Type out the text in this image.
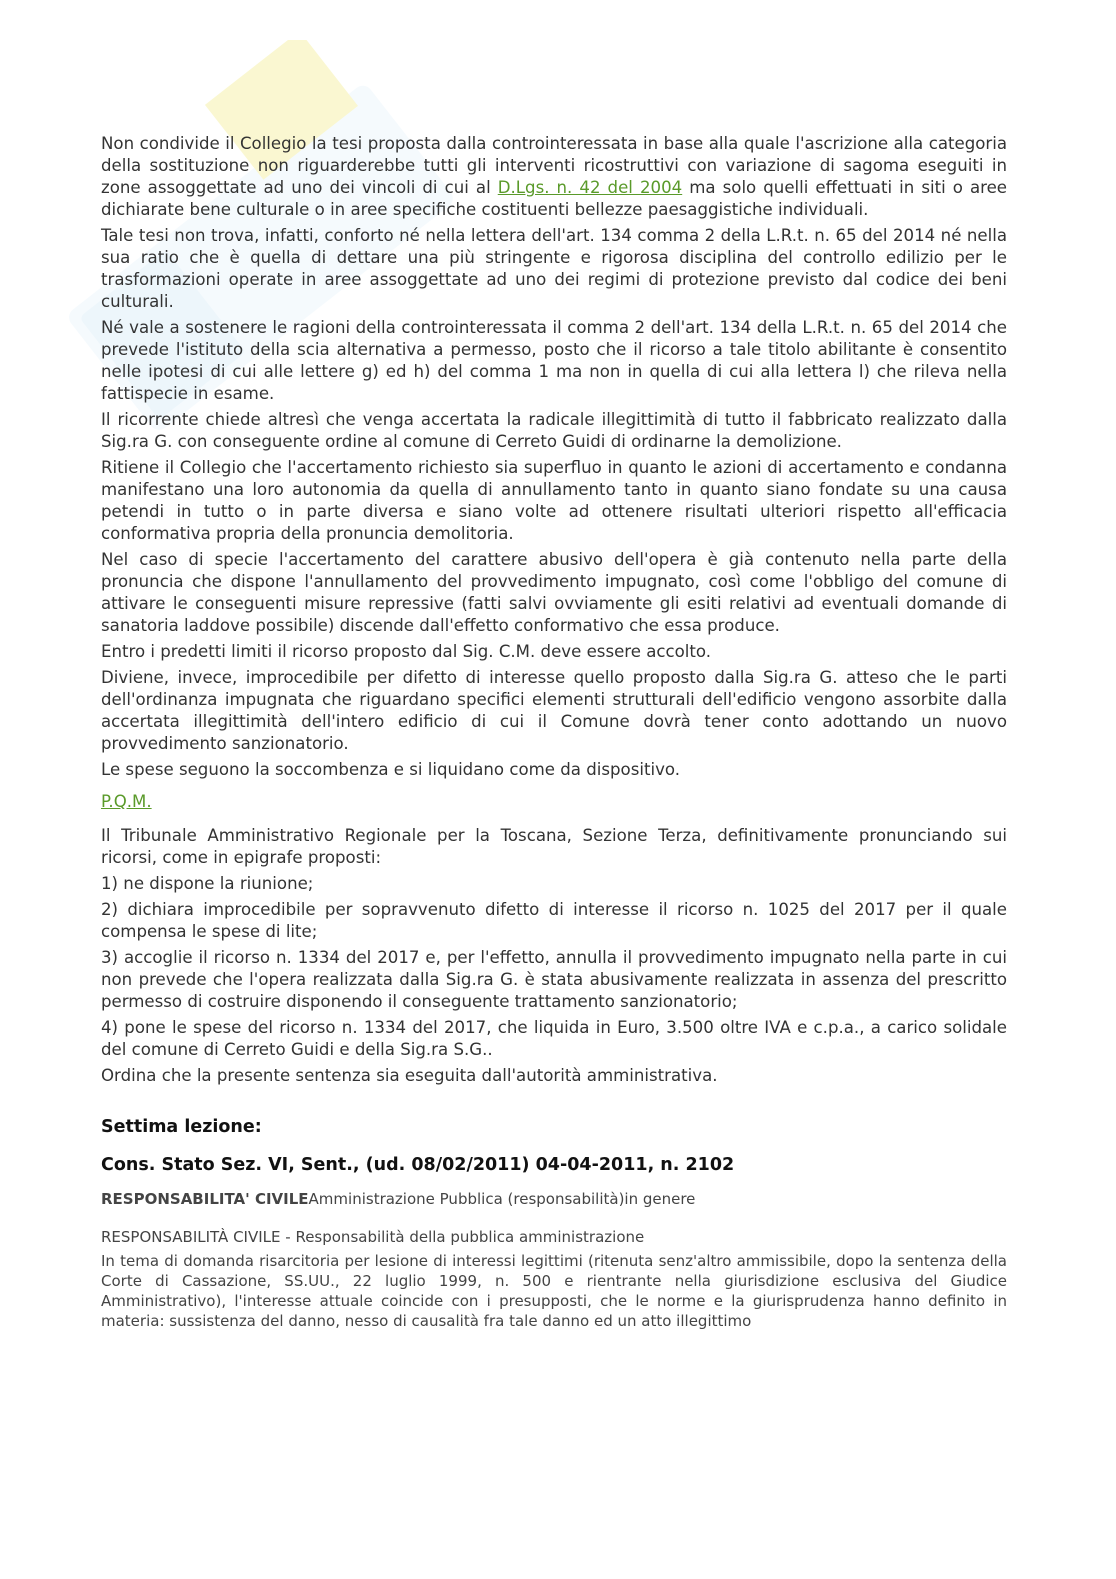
Non condivide il Collegio la tesi proposta dalla controinteressata in base alla quale l'ascrizione alla categoria della sostituzione non riguarderebbe tutti gli interventi ricostruttivi con variazione di sagoma eseguiti in zone assoggettate ad uno dei vincoli di cui al D.Lgs. n. 42 del 2004 ma solo quelli effettuati in siti o aree dichiarate bene culturale o in aree specifiche costituenti bellezze paesaggistiche individuali.

Tale tesi non trova, infatti, conforto né nella lettera dell'art. 134 comma 2 della L.R.t. n. 65 del 2014 né nella sua ratio che è quella di dettare una più stringente e rigorosa disciplina del controllo edilizio per le trasformazioni operate in aree assoggettate ad uno dei regimi di protezione previsto dal codice dei beni culturali.

Né vale a sostenere le ragioni della controinteressata il comma 2 dell'art. 134 della L.R.t. n. 65 del 2014 che prevede l'istituto della scia alternativa a permesso, posto che il ricorso a tale titolo abilitante è consentito nelle ipotesi di cui alle lettere g) ed h) del comma 1 ma non in quella di cui alla lettera l) che rileva nella fattispecie in esame.

Il ricorrente chiede altresì che venga accertata la radicale illegittimità di tutto il fabbricato realizzato dalla Sig.ra G. con conseguente ordine al comune di Cerreto Guidi di ordinarne la demolizione.

Ritiene il Collegio che l'accertamento richiesto sia superfluo in quanto le azioni di accertamento e condanna manifestano una loro autonomia da quella di annullamento tanto in quanto siano fondate su una causa petendi in tutto o in parte diversa e siano volte ad ottenere risultati ulteriori rispetto all'efficacia conformativa propria della pronuncia demolitoria.

Nel caso di specie l'accertamento del carattere abusivo dell'opera è già contenuto nella parte della pronuncia che dispone l'annullamento del provvedimento impugnato, così come l'obbligo del comune di attivare le conseguenti misure repressive (fatti salvi ovviamente gli esiti relativi ad eventuali domande di sanatoria laddove possibile) discende dall'effetto conformativo che essa produce.

Entro i predetti limiti il ricorso proposto dal Sig. C.M. deve essere accolto.

Diviene, invece, improcedibile per difetto di interesse quello proposto dalla Sig.ra G. atteso che le parti dell'ordinanza impugnata che riguardano specifici elementi strutturali dell'edificio vengono assorbite dalla accertata illegittimità dell'intero edificio di cui il Comune dovrà tener conto adottando un nuovo provvedimento sanzionatorio.

Le spese seguono la soccombenza e si liquidano come da dispositivo.

P.Q.M.

Il Tribunale Amministrativo Regionale per la Toscana, Sezione Terza, definitivamente pronunciando sui ricorsi, come in epigrafe proposti:

1) ne dispone la riunione;

2) dichiara improcedibile per sopravvenuto difetto di interesse il ricorso n. 1025 del 2017 per il quale compensa le spese di lite;

3) accoglie il ricorso n. 1334 del 2017 e, per l'effetto, annulla il provvedimento impugnato nella parte in cui non prevede che l'opera realizzata dalla Sig.ra G. è stata abusivamente realizzata in assenza del prescritto permesso di costruire disponendo il conseguente trattamento sanzionatorio;

4) pone le spese del ricorso n. 1334 del 2017, che liquida in Euro, 3.500 oltre IVA e c.p.a., a carico solidale del comune di Cerreto Guidi e della Sig.ra S.G..

Ordina che la presente sentenza sia eseguita dall'autorità amministrativa.

Settima lezione:

Cons. Stato Sez. VI, Sent., (ud. 08/02/2011) 04-04-2011, n. 2102

RESPONSABILITA' CIVILEAmministrazione Pubblica (responsabilità)in genere

RESPONSABILITÀ CIVILE - Responsabilità della pubblica amministrazione

In tema di domanda risarcitoria per lesione di interessi legittimi (ritenuta senz'altro ammissibile, dopo la sentenza della Corte di Cassazione, SS.UU., 22 luglio 1999, n. 500 e rientrante nella giurisdizione esclusiva del Giudice Amministrativo), l'interesse attuale coincide con i presupposti, che le norme e la giurisprudenza hanno definito in materia: sussistenza del danno, nesso di causalità fra tale danno ed un atto illegittimo
